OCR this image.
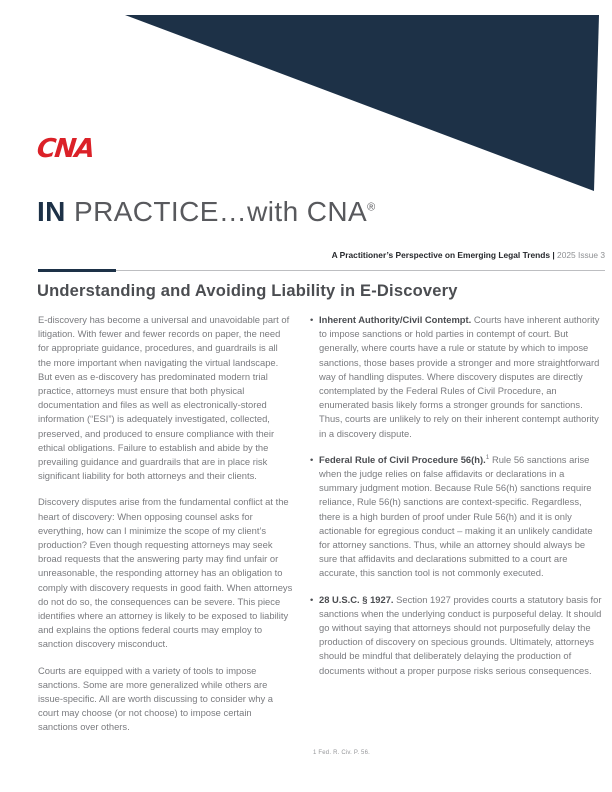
CNA
IN PRACTICE…with CNA®
A Practitioner’s Perspective on Emerging Legal Trends | 2025 Issue 3
Understanding and Avoiding Liability in E-Discovery

E-discovery has become a universal and unavoidable part of litigation. With fewer and fewer records on paper, the need for appropriate guidance, procedures, and guardrails is all the more important when navigating the virtual landscape. But even as e-discovery has predominated modern trial practice, attorneys must ensure that both physical documentation and files as well as electronically-stored information (“ESI”) is adequately investigated, collected, preserved, and produced to ensure compliance with their ethical obligations. Failure to establish and abide by the prevailing guidance and guardrails that are in place risk significant liability for both attorneys and their clients.

Discovery disputes arise from the fundamental conflict at the heart of discovery: When opposing counsel asks for everything, how can I minimize the scope of my client’s production? Even though requesting attorneys may seek broad requests that the answering party may find unfair or unreasonable, the responding attorney has an obligation to comply with discovery requests in good faith. When attorneys do not do so, the consequences can be severe. This piece identifies where an attorney is likely to be exposed to liability and explains the options federal courts may employ to sanction discovery misconduct.

Courts are equipped with a variety of tools to impose sanctions. Some are more generalized while others are issue-specific. All are worth discussing to consider why a court may choose (or not choose) to impose certain sanctions over others.

• Inherent Authority/Civil Contempt. Courts have inherent authority to impose sanctions or hold parties in contempt of court. But generally, where courts have a rule or statute by which to impose sanctions, those bases provide a stronger and more straightforward way of handling disputes. Where discovery disputes are directly contemplated by the Federal Rules of Civil Procedure, an enumerated basis likely forms a stronger grounds for sanctions. Thus, courts are unlikely to rely on their inherent contempt authority in a discovery dispute.
• Federal Rule of Civil Procedure 56(h).$^1$ Rule 56 sanctions arise when the judge relies on false affidavits or declarations in a summary judgment motion. Because Rule 56(h) sanctions require reliance, Rule 56(h) sanctions are context-specific. Regardless, there is a high burden of proof under Rule 56(h) and it is only actionable for egregious conduct – making it an unlikely candidate for attorney sanctions. Thus, while an attorney should always be sure that affidavits and declarations submitted to a court are accurate, this sanction tool is not commonly executed.
• 28 U.S.C. § 1927. Section 1927 provides courts a statutory basis for sanctions when the underlying conduct is purposeful delay. It should go without saying that attorneys should not purposefully delay the production of discovery on specious grounds. Ultimately, attorneys should be mindful that deliberately delaying the production of documents without a proper purpose risks serious consequences.
1 Fed. R. Civ. P. 56.
